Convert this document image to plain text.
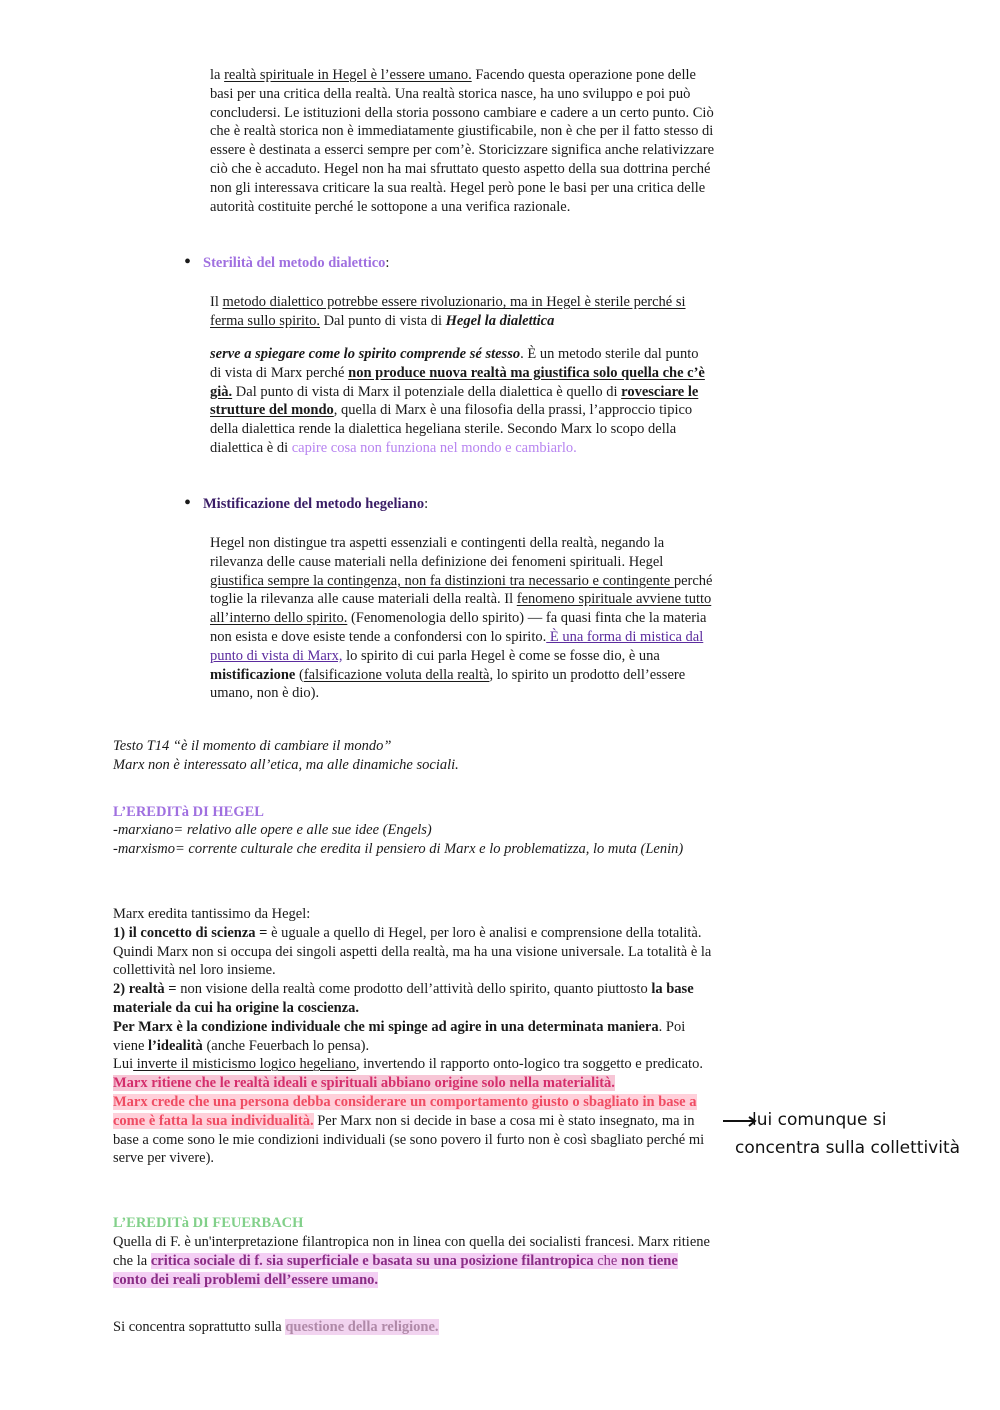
la realtà spirituale in Hegel è l’essere umano. Facendo questa operazione pone delle basi per una critica della realtà. Una realtà storica nasce, ha uno sviluppo e poi può concludersi. Le istituzioni della storia possono cambiare e cadere a un certo punto. Ciò che è realtà storica non è immediatamente giustificabile, non è che per il fatto stesso di essere è destinata a esserci sempre per com’è. Storicizzare significa anche relativizzare ciò che è accaduto. Hegel non ha mai sfruttato questo aspetto della sua dottrina perché non gli interessava criticare la sua realtà. Hegel però pone le basi per una critica delle autorità costituite perché le sottopone a una verifica razionale.

• Sterilità del metodo dialettico:

Il metodo dialettico potrebbe essere rivoluzionario, ma in Hegel è sterile perché si ferma sullo spirito. Dal punto di vista di Hegel la dialettica

serve a spiegare come lo spirito comprende sé stesso. È un metodo sterile dal punto di vista di Marx perché non produce nuova realtà ma giustifica solo quella che c’è già. Dal punto di vista di Marx il potenziale della dialettica è quello di rovesciare le strutture del mondo, quella di Marx è una filosofia della prassi, l’approccio tipico della dialettica rende la dialettica hegeliana sterile. Secondo Marx lo scopo della dialettica è di capire cosa non funziona nel mondo e cambiarlo.

• Mistificazione del metodo hegeliano:

Hegel non distingue tra aspetti essenziali e contingenti della realtà, negando la rilevanza delle cause materiali nella definizione dei fenomeni spirituali. Hegel giustifica sempre la contingenza, non fa distinzioni tra necessario e contingente perché toglie la rilevanza alle cause materiali della realtà. Il fenomeno spirituale avviene tutto all’interno dello spirito. (Fenomenologia dello spirito) — fa quasi finta che la materia non esista e dove esiste tende a confondersi con lo spirito. È una forma di mistica dal punto di vista di Marx, lo spirito di cui parla Hegel è come se fosse dio, è una mistificazione (falsificazione voluta della realtà, lo spirito un prodotto dell’essere umano, non è dio).

Testo T14 “è il momento di cambiare il mondo”

Marx non è interessato all’etica, ma alle dinamiche sociali.

L’EREDITà DI HEGEL

-marxiano= relativo alle opere e alle sue idee (Engels)

-marxismo= corrente culturale che eredita il pensiero di Marx e lo problematizza, lo muta (Lenin)

Marx eredita tantissimo da Hegel:

1) il concetto di scienza = è uguale a quello di Hegel, per loro è analisi e comprensione della totalità. Quindi Marx non si occupa dei singoli aspetti della realtà, ma ha una visione universale. La totalità è la collettività nel loro insieme.

2) realtà = non visione della realtà come prodotto dell’attività dello spirito, quanto piuttosto la base materiale da cui ha origine la coscienza.

Per Marx è la condizione individuale che mi spinge ad agire in una determinata maniera. Poi viene l’idealità (anche Feuerbach lo pensa).

Lui inverte il misticismo logico hegeliano, invertendo il rapporto onto-logico tra soggetto e predicato. Marx ritiene che le realtà ideali e spirituali abbiano origine solo nella materialità.

Marx crede che una persona debba considerare un comportamento giusto o sbagliato in base a come è fatta la sua individualità. Per Marx non si decide in base a cosa mi è stato insegnato, ma in base a come sono le mie condizioni individuali (se sono povero il furto non è così sbagliato perché mi serve per vivere).

lui comunque si
concentra sulla collettività
L’EREDITà DI FEUERBACH

Quella di F. è un'interpretazione filantropica non in linea con quella dei socialisti francesi. Marx ritiene che la critica sociale di f. sia superficiale e basata su una posizione filantropica che non tiene conto dei reali problemi dell’essere umano.

Si concentra soprattutto sulla questione della religione.
